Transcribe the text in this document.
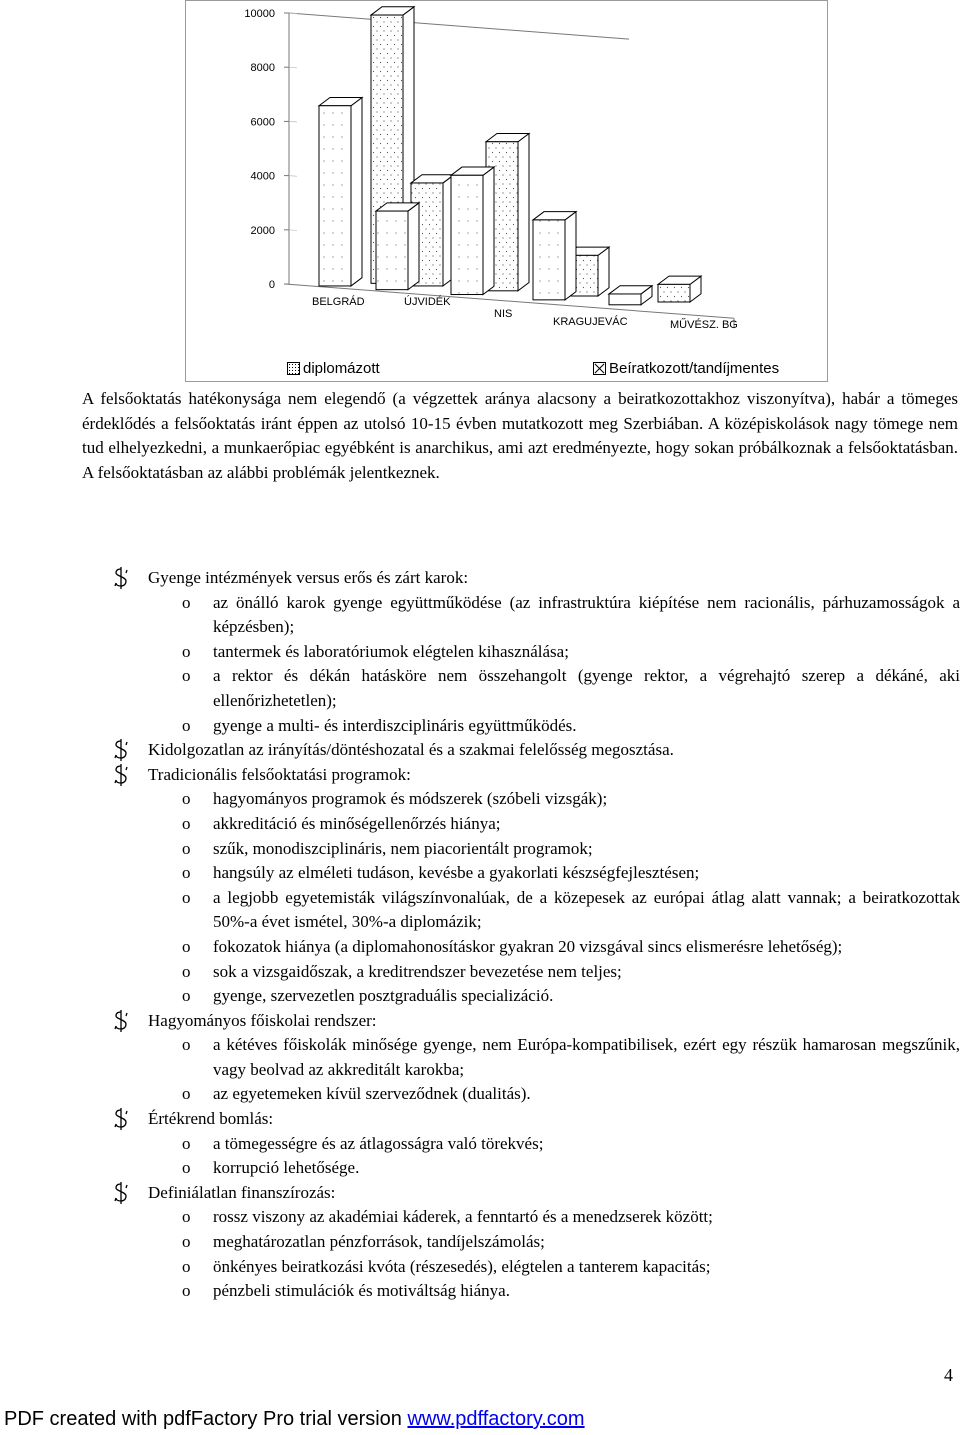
0
2000
4000
6000
8000
10000
BELGRÁD	ÚJVIDÉK
NIS
KRAGUJEVÁC	MŰVÉSZ. BG
diplomázott	Beíratkozott/tandíjmentes

A felsőoktatás hatékonysága nem elegendő (a végzettek aránya alacsony a beiratkozottakhoz viszonyítva), habár a tömeges érdeklődés a felsőoktatás iránt éppen az utolsó 10-15 évben mutatkozott meg Szerbiában. A középiskolások nagy tömege nem tud elhelyezkedni, a munkaerőpiac egyébként is anarchikus, ami azt eredményezte, hogy sokan próbálkoznak a felsőoktatásban. A felsőoktatásban az alábbi problémák jelentkeznek.

Gyenge intézmények versus erős és zárt karok:
o az önálló karok gyenge együttműködése (az infrastruktúra kiépítése nem racionális, párhuzamosságok a képzésben);
o tantermek és laboratóriumok elégtelen kihasználása;
o a rektor és dékán hatásköre nem összehangolt (gyenge rektor, a végrehajtó szerep a dékáné, aki ellenőrizhetetlen);
o gyenge a multi- és interdiszciplináris együttműködés.
Kidolgozatlan az irányítás/döntéshozatal és a szakmai felelősség megosztása.
Tradicionális felsőoktatási programok:
o hagyományos programok és módszerek (szóbeli vizsgák);
o akkreditáció és minőségellenőrzés hiánya;
o szűk, monodiszciplináris, nem piacorientált programok;
o hangsúly az elméleti tudáson, kevésbe a gyakorlati készségfejlesztésen;
o a legjobb egyetemisták világszínvonalúak, de a közepesek az európai átlag alatt vannak; a beiratkozottak 50%-a évet ismétel, 30%-a diplomázik;
o fokozatok hiánya (a diplomahonosításkor gyakran 20 vizsgával sincs elismerésre lehetőség);
o sok a vizsgaidőszak, a kreditrendszer bevezetése nem teljes;
o gyenge, szervezetlen posztgraduális specializáció.
Hagyományos főiskolai rendszer:
o a kétéves főiskolák minősége gyenge, nem Európa-kompatibilisek, ezért egy részük hamarosan megszűnik, vagy beolvad az akkreditált karokba;
o az egyetemeken kívül szerveződnek (dualitás).
Értékrend bomlás:
o a tömegességre és az átlagosságra való törekvés;
o korrupció lehetősége.
Definiálatlan finanszírozás:
o rossz viszony az akadémiai káderek, a fenntartó és a menedzserek között;
o meghatározatlan pénzforrások, tandíjelszámolás;
o önkényes beiratkozási kvóta (részesedés), elégtelen a tanterem kapacitás;
o pénzbeli stimulációk és motiváltság hiánya.
4
PDF created with pdfFactory Pro trial version www.pdffactory.com
